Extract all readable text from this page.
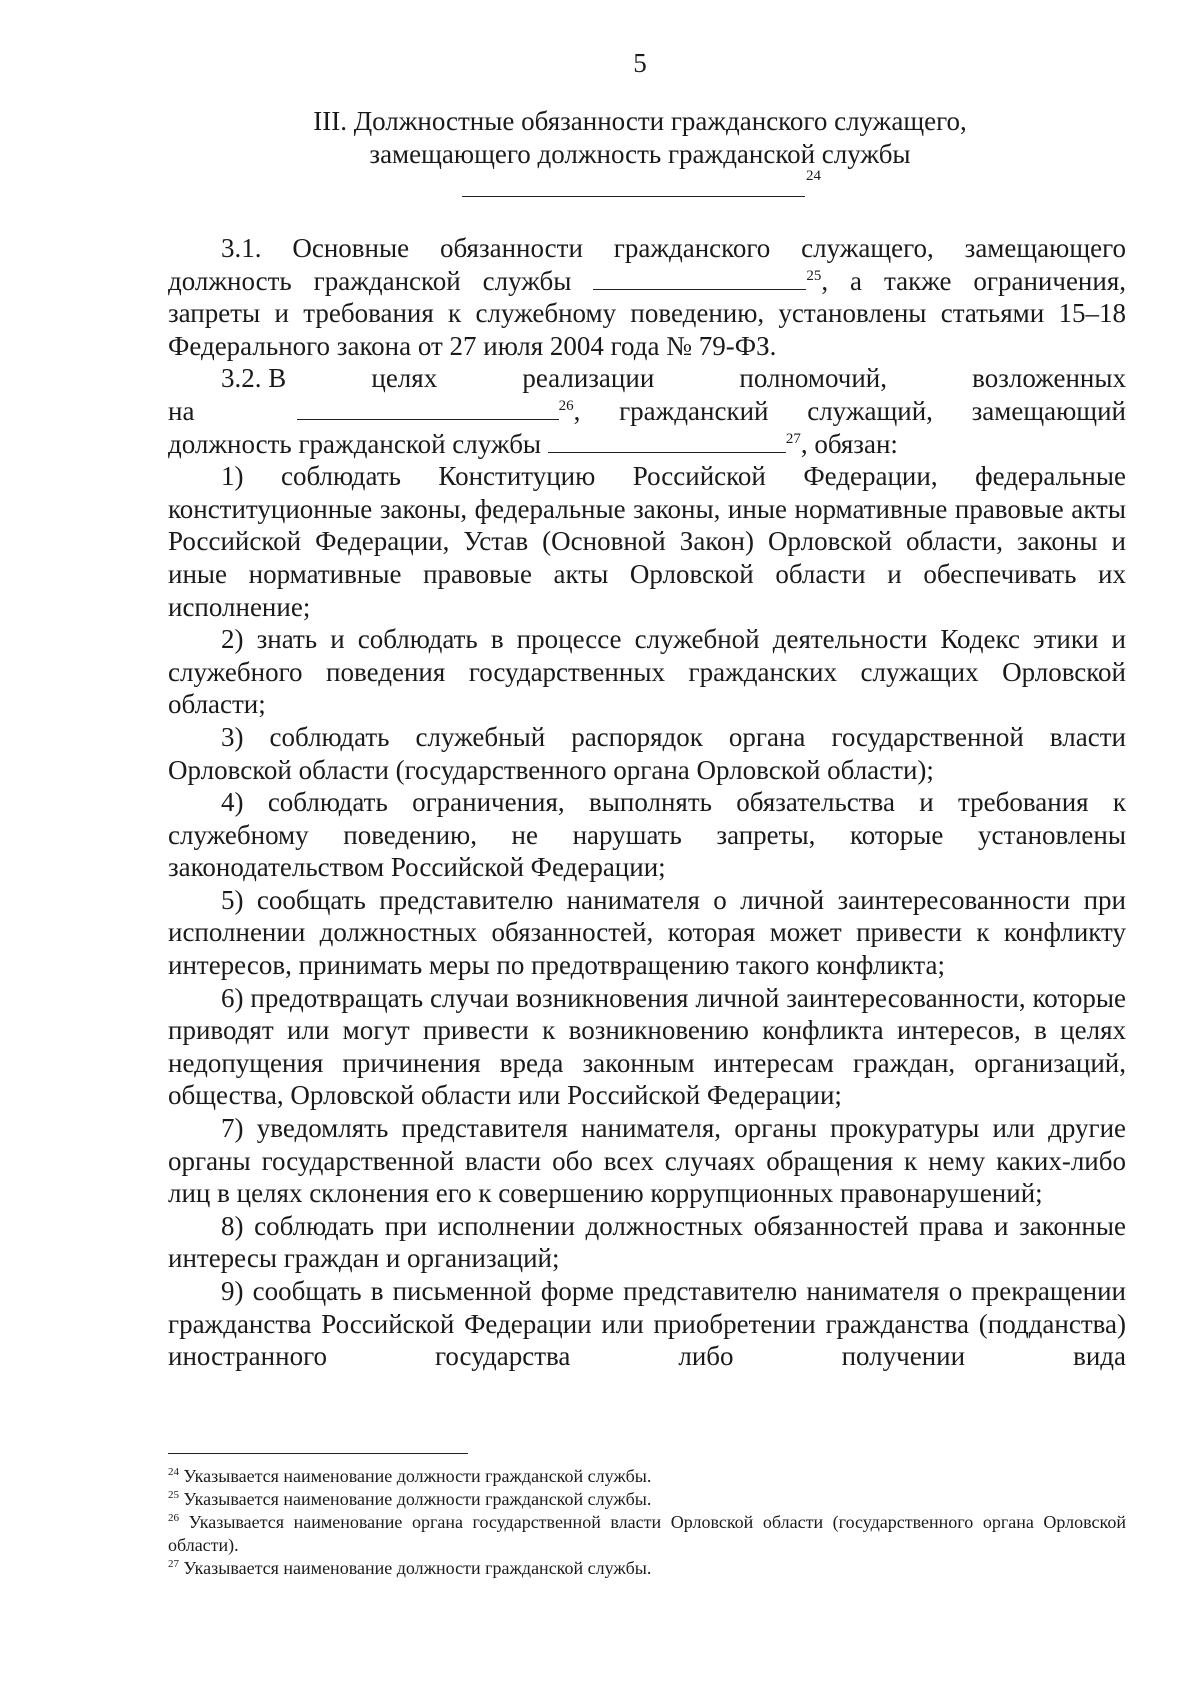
5
III. Должностные обязанности гражданского служащего,
замещающего должность гражданской службы
24

3.1. Основные обязанности гражданского служащего, замещающего должность гражданской службы	$^{25}$, а также ограничения, запреты и требования к служебному поведению, установлены статьями 15–18 Федерального закона от 27 июля 2004 года № 79-ФЗ.

3.2. В	целях	реализации	полномочий,	возложенных
на	$^{26}$, гражданский служащий, замещающий
должность гражданской службы	$^{27}$, обязан:

1) соблюдать Конституцию Российской Федерации, федеральные конституционные законы, федеральные законы, иные нормативные правовые акты Российской Федерации, Устав (Основной Закон) Орловской области, законы и иные нормативные правовые акты Орловской области и обеспечивать их исполнение;

2) знать и соблюдать в процессе служебной деятельности Кодекс этики и служебного поведения государственных гражданских служащих Орловской области;

3) соблюдать служебный распорядок органа государственной власти Орловской области (государственного органа Орловской области);

4) соблюдать ограничения, выполнять обязательства и требования к служебному поведению, не нарушать запреты, которые установлены законодательством Российской Федерации;

5) сообщать представителю нанимателя о личной заинтересованности при исполнении должностных обязанностей, которая может привести к конфликту интересов, принимать меры по предотвращению такого конфликта;

6) предотвращать случаи возникновения личной заинтересованности, которые приводят или могут привести к возникновению конфликта интересов, в целях недопущения причинения вреда законным интересам граждан, организаций, общества, Орловской области или Российской Федерации;

7) уведомлять представителя нанимателя, органы прокуратуры или другие органы государственной власти обо всех случаях обращения к нему каких-либо лиц в целях склонения его к совершению коррупционных правонарушений;

8) соблюдать при исполнении должностных обязанностей права и законные интересы граждан и организаций;

9) сообщать в письменной форме представителю нанимателя о прекращении гражданства Российской Федерации или приобретении гражданства (подданства) иностранного государства либо получении вида

$^{24}$ Указывается наименование должности гражданской службы.

$^{25}$ Указывается наименование должности гражданской службы.

$^{26}$ Указывается наименование органа государственной власти Орловской области (государственного органа Орловской области).

$^{27}$ Указывается наименование должности гражданской службы.
